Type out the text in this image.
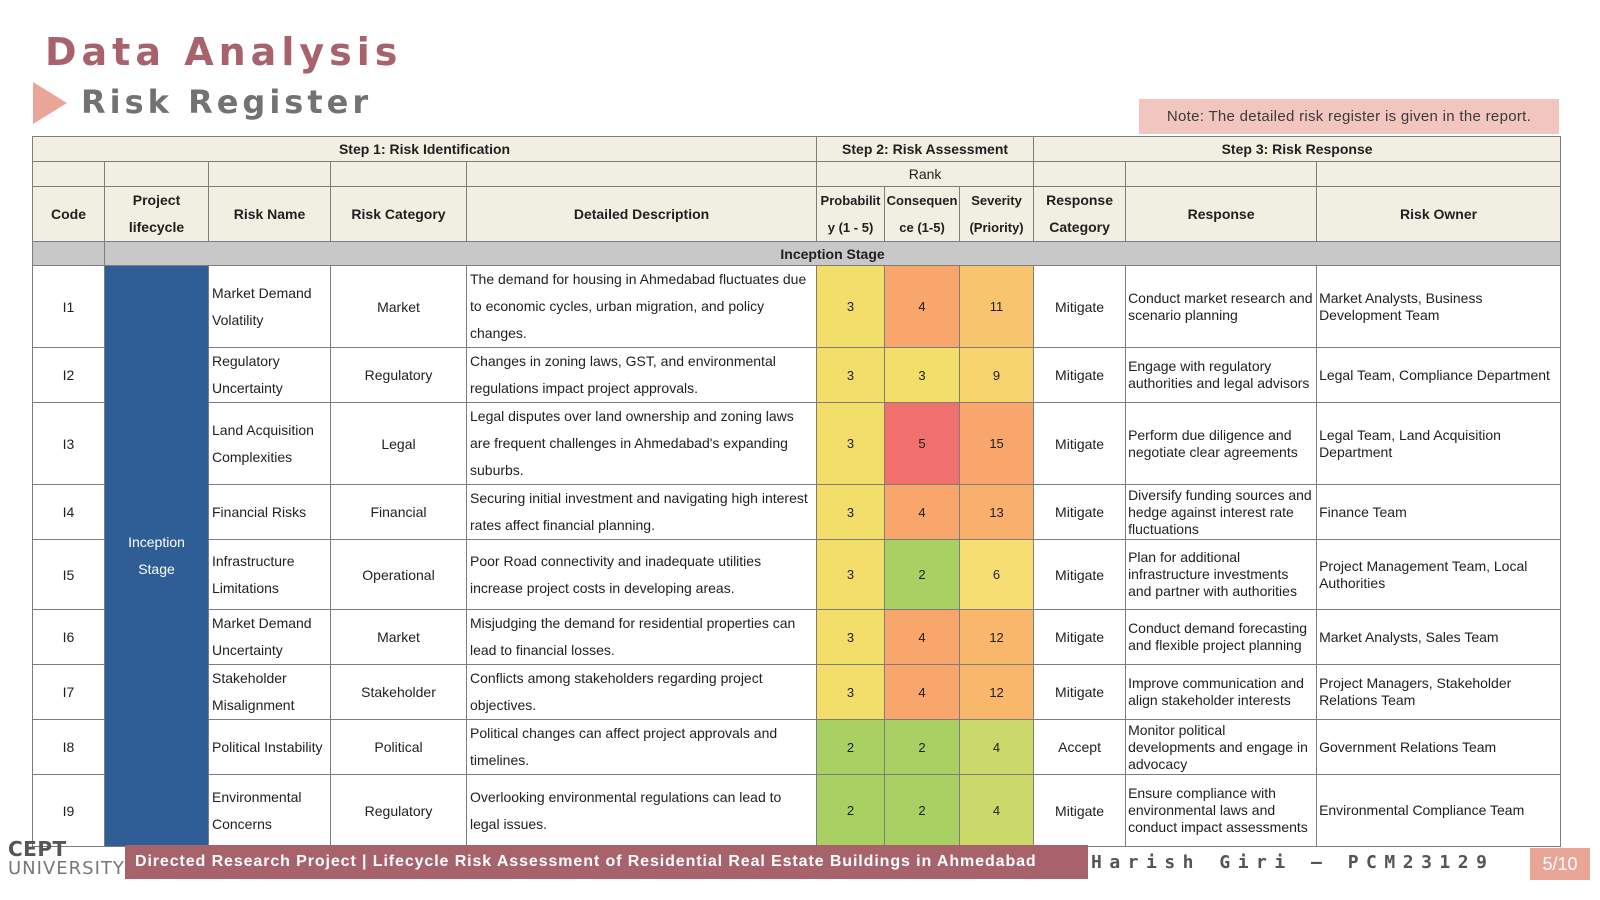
Data Analysis
Risk Register	Note: The detailed risk register is given in the report.
Step 1: Risk Identification					Step 2: Risk Assessment			Step 3: Risk Response		
					Rank					
Code	Project lifecycle	Risk Name	Risk Category	Detailed Description	Probability (1 - 5)	Consequence (1-5)	Severity (Priority)	Response Category	Response	Risk Owner
	Inception Stage									
I1	Inception Stage	Market Demand Volatility	Market	The demand for housing in Ahmedabad fluctuates due to economic cycles, urban migration, and policy changes.	3	4	11	Mitigate	Conduct market research and scenario planning	Market Analysts, Business Development Team
I2		Regulatory Uncertainty	Regulatory	Changes in zoning laws, GST, and environmental regulations impact project approvals.	3	3	9	Mitigate	Engage with regulatory authorities and legal advisors	Legal Team, Compliance Department
I3		Land Acquisition Complexities	Legal	Legal disputes over land ownership and zoning laws are frequent challenges in Ahmedabad's expanding suburbs.	3	5	15	Mitigate	Perform due diligence and negotiate clear agreements	Legal Team, Land Acquisition Department
I4		Financial Risks	Financial	Securing initial investment and navigating high interest rates affect financial planning.	3	4	13	Mitigate	Diversify funding sources and hedge against interest rate fluctuations	Finance Team
I5		Infrastructure Limitations	Operational	Poor Road connectivity and inadequate utilities increase project costs in developing areas.	3	2	6	Mitigate	Plan for additional infrastructure investments and partner with authorities	Project Management Team, Local Authorities
I6		Market Demand Uncertainty	Market	Misjudging the demand for residential properties can lead to financial losses.	3	4	12	Mitigate	Conduct demand forecasting and flexible project planning	Market Analysts, Sales Team
I7		Stakeholder Misalignment	Stakeholder	Conflicts among stakeholders regarding project objectives.	3	4	12	Mitigate	Improve communication and align stakeholder interests	Project Managers, Stakeholder Relations Team
I8		Political Instability	Political	Political changes can affect project approvals and timelines.	2	2	4	Accept	Monitor political developments and engage in advocacy	Government Relations Team
I9		Environmental Concerns	Regulatory	Overlooking environmental regulations can lead to legal issues.	2	2	4	Mitigate	Ensure compliance with environmental laws and conduct impact assessments	Environmental Compliance Team
CEPT
UNIVERSITY Directed Research Project | Lifecycle Risk Assessment of Residential Real Estate Buildings in Ahmedabad	Harish Giri – PCM23129	5/10
